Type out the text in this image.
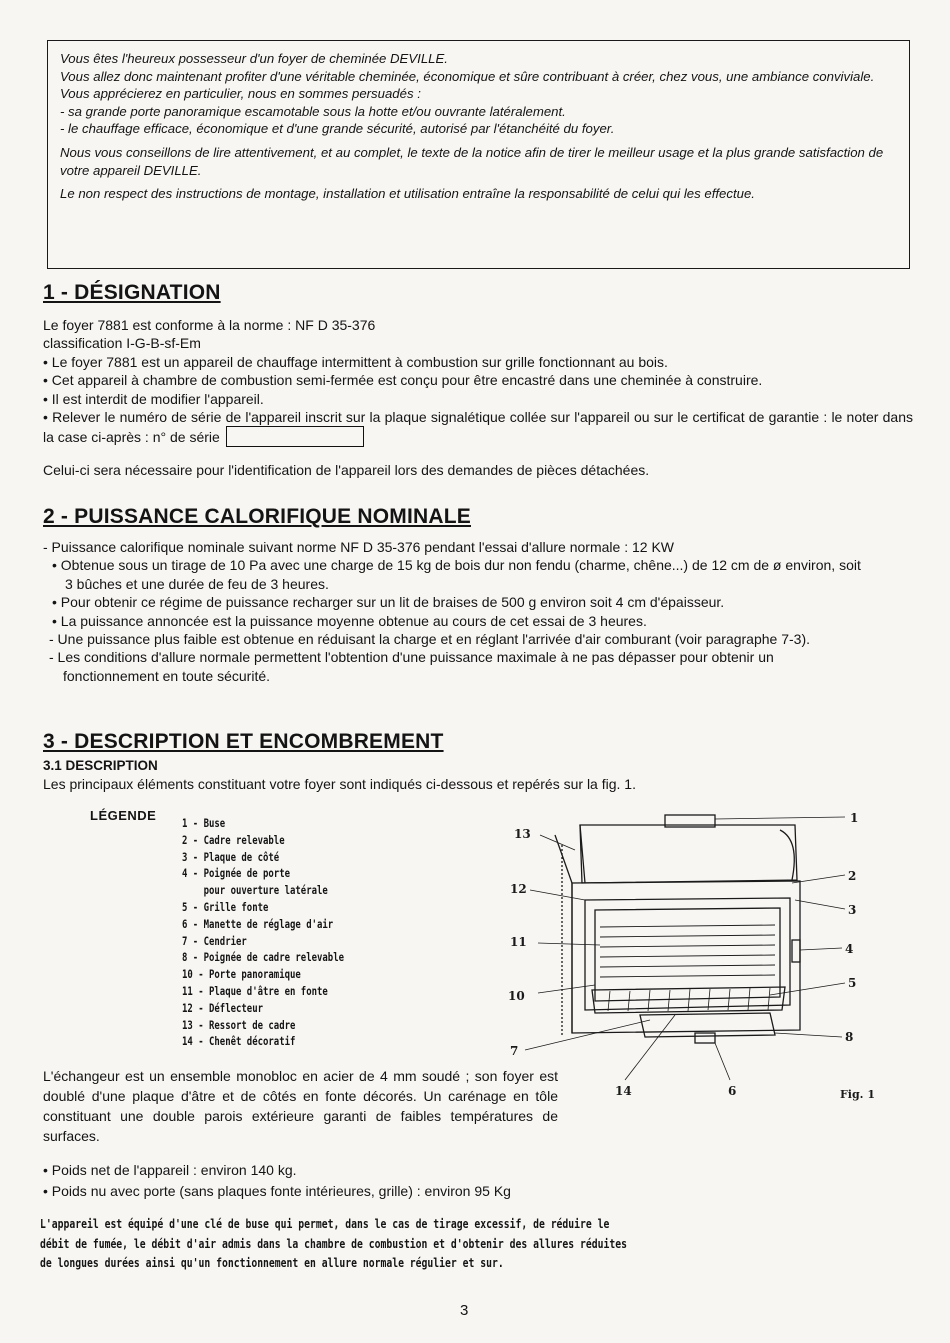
Vous êtes l'heureux possesseur d'un foyer de cheminée DEVILLE.

Vous allez donc maintenant profiter d'une véritable cheminée, économique et sûre contribuant à créer, chez vous, une ambiance conviviale.

Vous apprécierez en particulier, nous en sommes persuadés :

- sa grande porte panoramique escamotable sous la hotte et/ou ouvrante latéralement.

- le chauffage efficace, économique et d'une grande sécurité, autorisé par l'étanchéité du foyer.

Nous vous conseillons de lire attentivement, et au complet, le texte de la notice afin de tirer le meilleur usage et la plus grande satisfaction de votre appareil DEVILLE.

Le non respect des instructions de montage, installation et utilisation entraîne la responsabilité de celui qui les effectue.

1 - DÉSIGNATION

Le foyer 7881 est conforme à la norme : NF D 35-376

classification I-G-B-sf-Em

• Le foyer 7881 est un appareil de chauffage intermittent à combustion sur grille fonctionnant au bois.

• Cet appareil à chambre de combustion semi-fermée est conçu pour être encastré dans une cheminée à construire.

• Il est interdit de modifier l'appareil.

• Relever le numéro de série de l'appareil inscrit sur la plaque signalétique collée sur l'appareil ou sur le certificat de garantie : le noter dans la case ci-après : n° de série

Celui-ci sera nécessaire pour l'identification de l'appareil lors des demandes de pièces détachées.

2 - PUISSANCE CALORIFIQUE NOMINALE

- Puissance calorifique nominale suivant norme NF D 35-376 pendant l'essai d'allure normale : 12 KW

• Obtenue sous un tirage de 10 Pa avec une charge de 15 kg de bois dur non fendu (charme, chêne...) de 12 cm de ø environ, soit 3 bûches et une durée de feu de 3 heures.

• Pour obtenir ce régime de puissance recharger sur un lit de braises de 500 g environ soit 4 cm d'épaisseur.

• La puissance annoncée est la puissance moyenne obtenue au cours de cet essai de 3 heures.

- Une puissance plus faible est obtenue en réduisant la charge et en réglant l'arrivée d'air comburant (voir paragraphe 7-3).

- Les conditions d'allure normale permettent l'obtention d'une puissance maximale à ne pas dépasser pour obtenir un fonctionnement en toute sécurité.

3 - DESCRIPTION ET ENCOMBREMENT

3.1 DESCRIPTION

Les principaux éléments constituant votre foyer sont indiqués ci-dessous et repérés sur la fig. 1.

LÉGENDE 1 - Buse
2 - Cadre relevable
3 - Plaque de côté
4 - Poignée de porte
pour ouverture latérale
5 - Grille fonte
6 - Manette de réglage d'air
7 - Cendrier
8 - Poignée de cadre relevable
10 - Porte panoramique
11 - Plaque d'âtre en fonte
12 - Déflecteur
13 - Ressort de cadre
14 - Chenêt décoratif
1
2
3
4
5
8
6
14
7
10
11
12
13
Fig. 1
L'échangeur est un ensemble monobloc en acier de 4 mm soudé ; son foyer est doublé d'une plaque d'âtre et de côtés en fonte décorés. Un carénage en tôle constituant une double parois extérieure garanti de faibles températures de surfaces.

• Poids net de l'appareil : environ 140 kg.

• Poids nu avec porte (sans plaques fonte intérieures, grille) : environ 95 Kg

L'appareil est équipé d'une clé de buse qui permet, dans le cas de tirage excessif, de réduire le
débit de fumée, le débit d'air admis dans la chambre de combustion et d'obtenir des allures réduites
de longues durées ainsi qu'un fonctionnement en allure normale régulier et sur.
3
